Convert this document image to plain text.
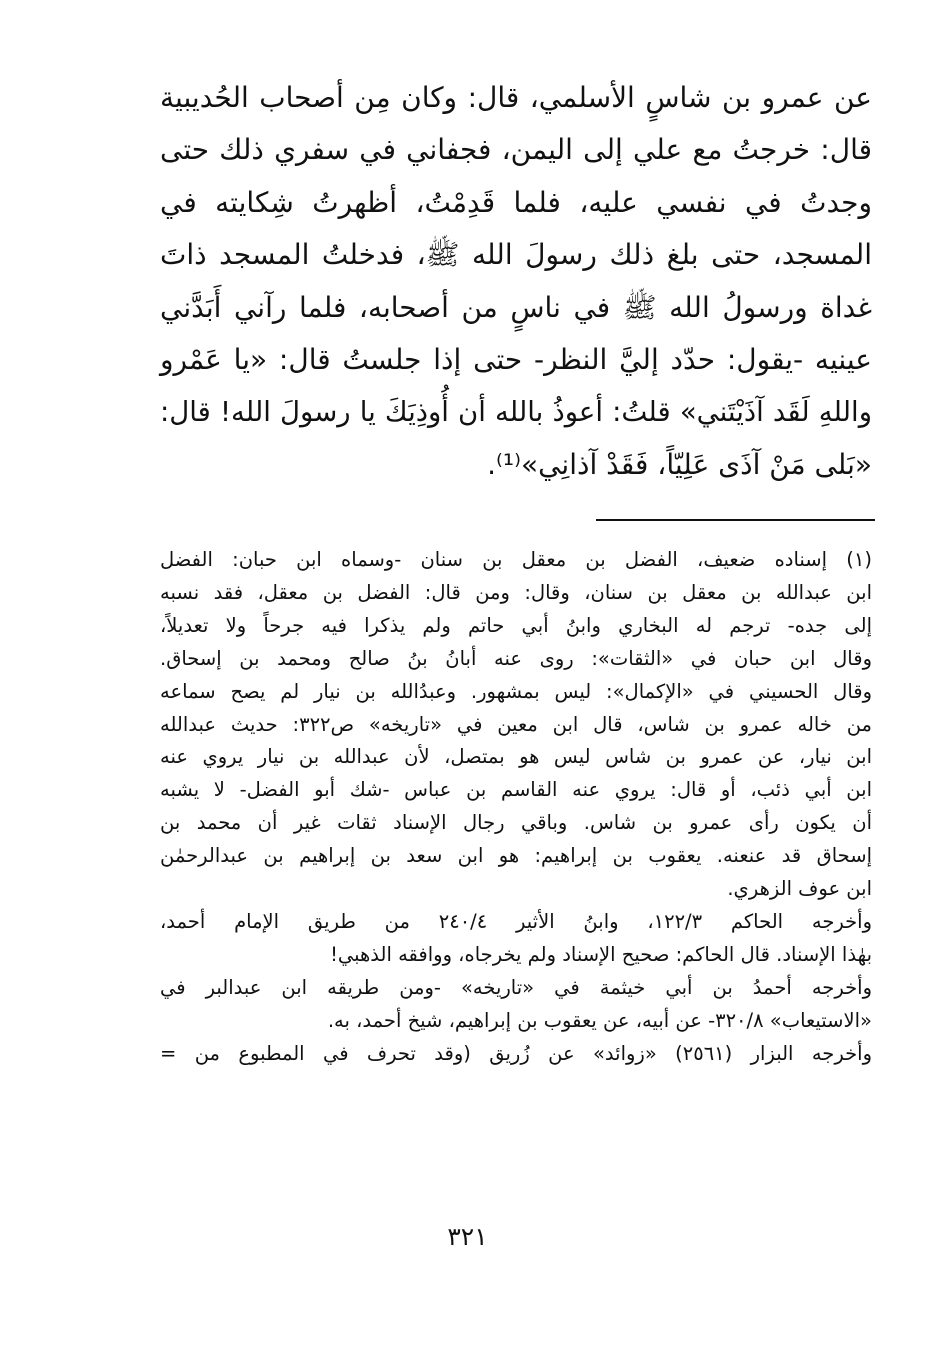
عن عمرو بن شاسٍ الأسلمي، قال: وكان مِن أصحاب الحُديبية
قال: خرجتُ مع علي إلى اليمن، فجفاني في سفري ذلك حتى
وجدتُ في نفسي عليه، فلما قَدِمْتُ، أظهرتُ شِكايته في
المسجد، حتى بلغ ذلك رسولَ الله ﷺ، فدخلتُ المسجد ذاتَ
غداة ورسولُ الله ﷺ في ناسٍ من أصحابه، فلما رآني أَبَدَّني
عينيه -يقول: حدّد إليَّ النظر- حتى إذا جلستُ قال: «يا عَمْرو
واللهِ لَقَد آذَيْتَني» قلتُ: أعوذُ بالله أن أُوذِيَكَ يا رسولَ الله! قال:
«بَلى مَنْ آذَى عَلِيّاً، فَقَدْ آذانِي»⁽¹⁾.
(١) إسناده ضعيف، الفضل بن معقل بن سنان -وسماه ابن حبان: الفضل
ابن عبدالله بن معقل بن سنان، وقال: ومن قال: الفضل بن معقل، فقد نسبه
إلى جده- ترجم له البخاري وابنُ أبي حاتم ولم يذكرا فيه جرحاً ولا تعديلاً،
وقال ابن حبان في «الثقات»: روى عنه أبانُ بنُ صالح ومحمد بن إسحاق.
وقال الحسيني في «الإكمال»: ليس بمشهور. وعبدُالله بن نيار لم يصح سماعه
من خاله عمرو بن شاس، قال ابن معين في «تاريخه» ص٣٢٢: حديث عبدالله
ابن نيار، عن عمرو بن شاس ليس هو بمتصل، لأن عبدالله بن نيار يروي عنه
ابن أبي ذئب، أو قال: يروي عنه القاسم بن عباس -شك أبو الفضل- لا يشبه
أن يكون رأى عمرو بن شاس. وباقي رجال الإسناد ثقات غير أن محمد بن
إسحاق قد عنعنه. يعقوب بن إبراهيم: هو ابن سعد بن إبراهيم بن عبدالرحمٰن
ابن عوف الزهري.
وأخرجه الحاكم ١٢٢/٣، وابنُ الأثير ٢٤٠/٤ من طريق الإمام أحمد،
بهٰذا الإسناد. قال الحاكم: صحيح الإسناد ولم يخرجاه، ووافقه الذهبي!
وأخرجه أحمدُ بن أبي خيثمة في «تاريخه» -ومن طريقه ابن عبدالبر في
«الاستيعاب» ٣٢٠/٨- عن أبيه، عن يعقوب بن إبراهيم، شيخ أحمد، به.
وأخرجه البزار (٢٥٦١) «زوائد» عن زُريق (وقد تحرف في المطبوع من =
٣٢١
